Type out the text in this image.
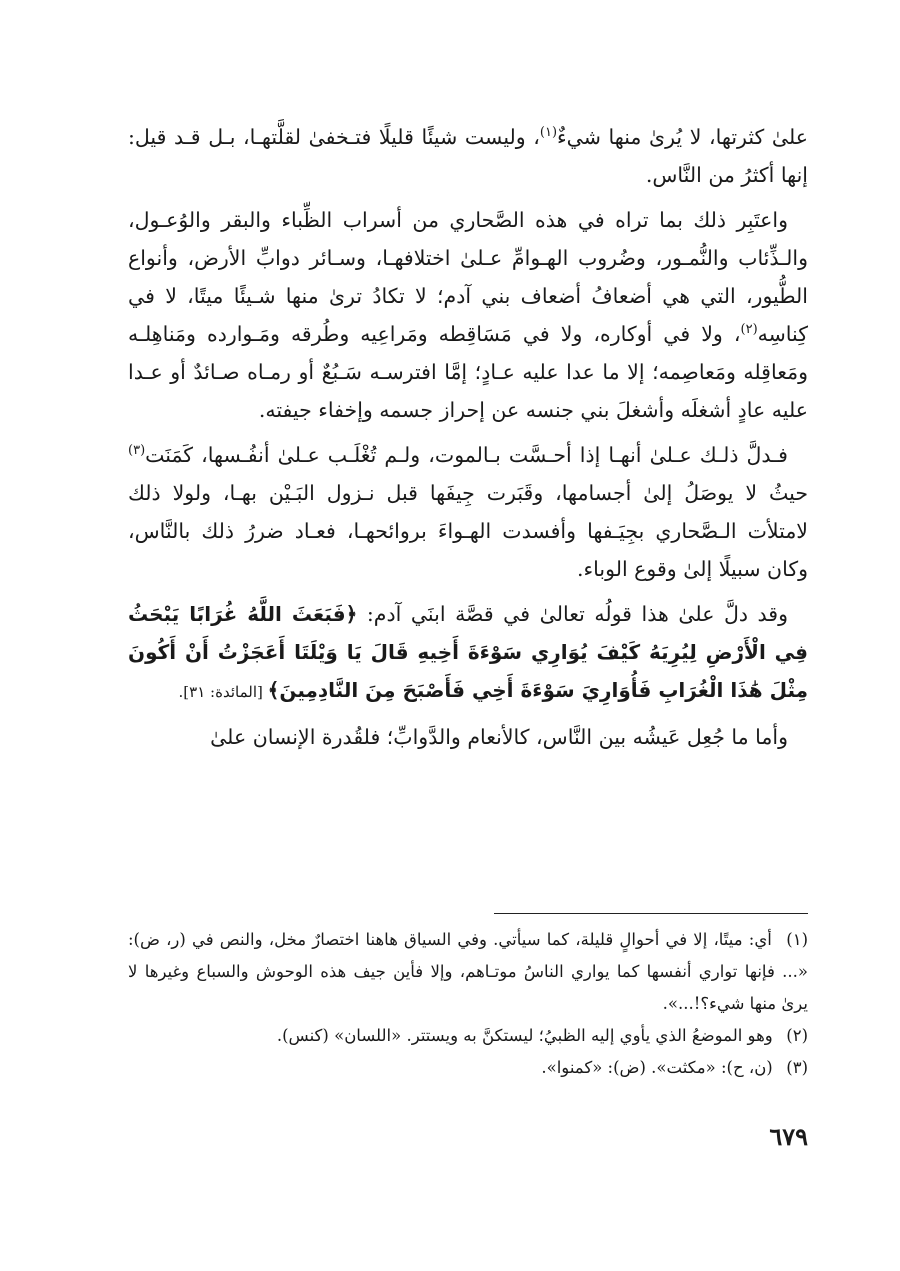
علىٰ كثرتها، لا يُرىٰ منها شيءٌ$^{(١)}$، وليست شيئًا قليلًا فتـخفىٰ لقلَّتهـا، بـل قـد قيل: إنها أكثرُ من النَّاس.

واعتَبِر ذلك بما تراه في هذه الصَّحاري من أسراب الظِّباء والبقر والوُعـول، والـذِّئاب والنُّمـور، وضُروب الهـوامِّ عـلىٰ اختلافهـا، وسـائر دوابِّ الأرض، وأنواع الطُّيور، التي هي أضعافُ أضعاف بني آدم؛ لا تكادُ ترىٰ منها شـيئًا ميتًا، لا في كِناسِه$^{(٢)}$، ولا في أوكاره، ولا في مَسَاقِطه ومَراعِيه وطُرقه ومَـوارده ومَناهِلـه ومَعاقِله ومَعاصِمه؛ إلا ما عدا عليه عـادٍ؛ إمَّا افترسـه سَـبُعٌ أو رمـاه صـائدٌ أو عـدا عليه عادٍ أشغلَه وأشغلَ بني جنسه عن إحراز جسمه وإخفاء جيفته.

فـدلَّ ذلـك عـلىٰ أنهـا إذا أحـسَّت بـالموت، ولـم تُغْلَـب عـلىٰ أنفُـسها، كَمَنَت$^{(٣)}$ حيثُ لا يوصَلُ إلىٰ أجسامها، وقَبَرت جِيفَها قبل نـزول البَـيْن بهـا، ولولا ذلك لامتلأت الـصَّحاري بجِيَـفها وأفسدت الهـواءَ بروائحهـا، فعـاد ضررُ ذلك بالنَّاس، وكان سبيلًا إلىٰ وقوع الوباء.

وقد دلَّ علىٰ هذا قولُه تعالىٰ في قصَّة ابنَي آدم: ﴿فَبَعَثَ اللَّهُ غُرَابًا يَبْحَثُ فِي الْأَرْضِ لِيُرِيَهُ كَيْفَ يُوَارِي سَوْءَةَ أَخِيهِ قَالَ يَا وَيْلَتَا أَعَجَزْتُ أَنْ أَكُونَ مِثْلَ هَٰذَا الْغُرَابِ فَأُوَارِيَ سَوْءَةَ أَخِي فَأَصْبَحَ مِنَ النَّادِمِينَ﴾ [المائدة: ٣١].

وأما ما جُعِل عَيشُه بين النَّاس، كالأنعام والدَّوابِّ؛ فلقُدرة الإنسان علىٰ

(١) أي: ميتًا، إلا في أحوالٍ قليلة، كما سيأتي. وفي السياق هاهنا اختصارٌ مخل، والنص في (ر، ض): «... فإنها تواري أنفسها كما يواري الناسُ موتـاهم، وإلا فأين جيف هذه الوحوش والسباع وغيرها لا يرىٰ منها شيء؟!...».

(٢) وهو الموضعُ الذي يأوي إليه الظبيُ؛ ليستكنَّ به ويستتر. «اللسان» (كنس).

(٣) (ن، ح): «مكثت». (ض): «كمنوا».

٦٧٩
